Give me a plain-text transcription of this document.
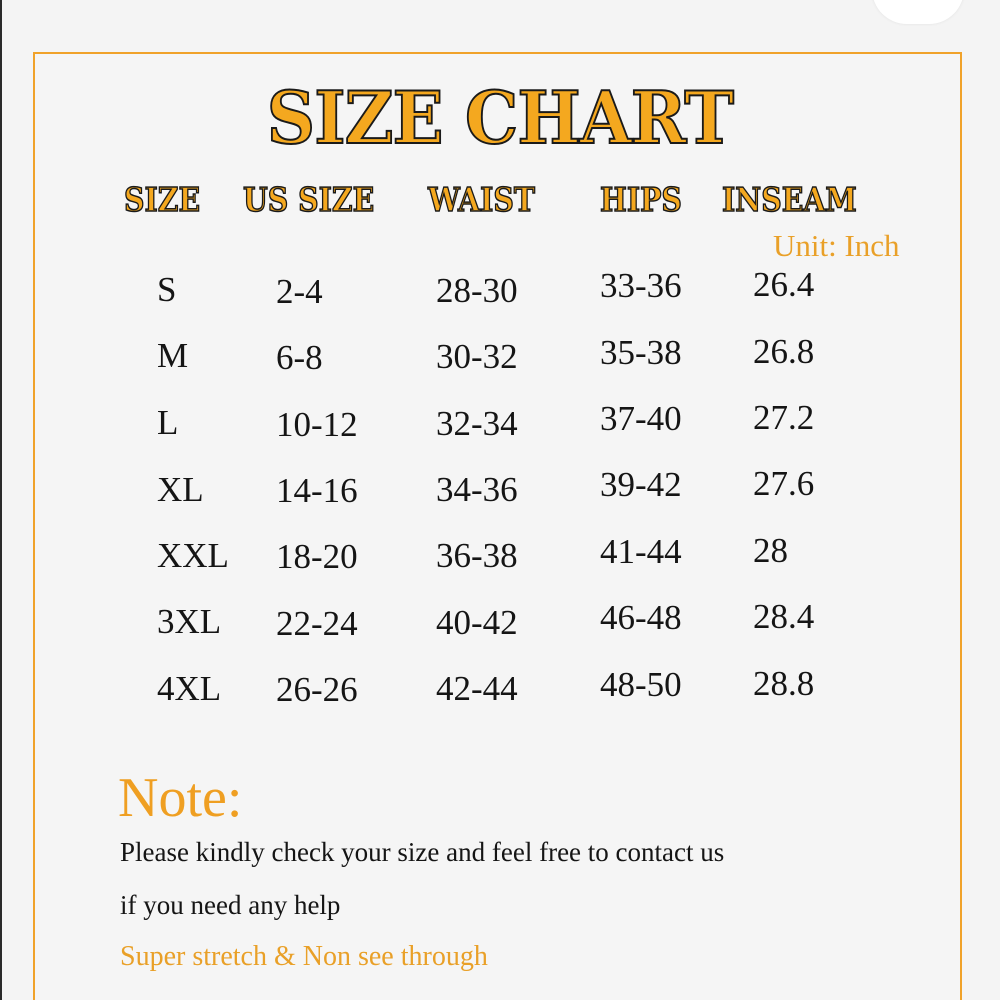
SIZE CHART
SIZE US SIZE WAIST HIPS INSEAM
Unit: Inch
S	2-4	28-30 33-36 26.4
M	6-8	30-32 35-38 26.8
L	10-12 32-34 37-40 27.2
XL 14-16 34-36 39-42 27.6
XXL 18-20 36-38 41-44 28
3XL 22-24 40-42 46-48 28.4
4XL 26-26 42-44 48-50 28.8
Note:
Please kindly check your size and feel free to contact us
if you need any help
Super stretch & Non see through
